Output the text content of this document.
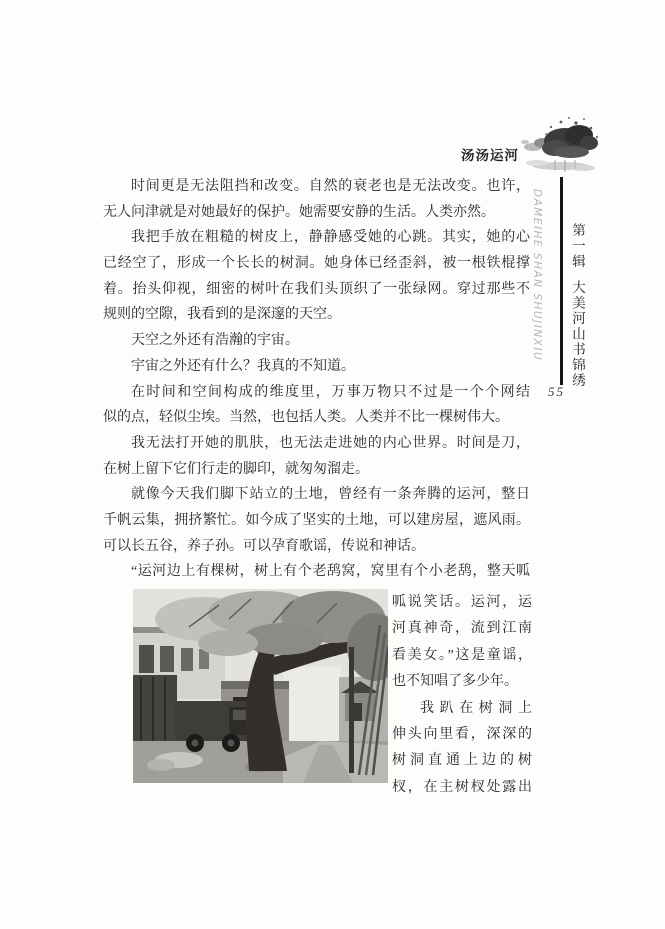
汤汤运河
DAMEIHE SHAN SHUJINXIU 第一辑大美河山书锦绣
55
时间更是无法阻挡和改变。自然的衰老也是无法改变。也许，
无人问津就是对她最好的保护。她需要安静的生活。人类亦然。
我把手放在粗糙的树皮上，静静感受她的心跳。其实，她的心
已经空了，形成一个长长的树洞。她身体已经歪斜，被一根铁棍撑
着。抬头仰视，细密的树叶在我们头顶织了一张绿网。穿过那些不
规则的空隙，我看到的是深邃的天空。
天空之外还有浩瀚的宇宙。
宇宙之外还有什么？我真的不知道。
在时间和空间构成的维度里，万事万物只不过是一个个网结
似的点，轻似尘埃。当然，也包括人类。人类并不比一棵树伟大。
我无法打开她的肌肤，也无法走进她的内心世界。时间是刀，
在树上留下它们行走的脚印，就匆匆溜走。
就像今天我们脚下站立的土地，曾经有一条奔腾的运河，整日
千帆云集，拥挤繁忙。如今成了坚实的土地，可以建房屋，遮风雨。
可以长五谷，养子孙。可以孕育歌谣，传说和神话。
“运河边上有棵树，树上有个老鸹窝，窝里有个小老鸹，整天呱
呱说笑话。运河，运
河真神奇，流到江南
看美女。”这是童谣，
也不知唱了多少年。
我趴在树洞上
伸头向里看，深深的
树洞直通上边的树
杈，在主树杈处露出
